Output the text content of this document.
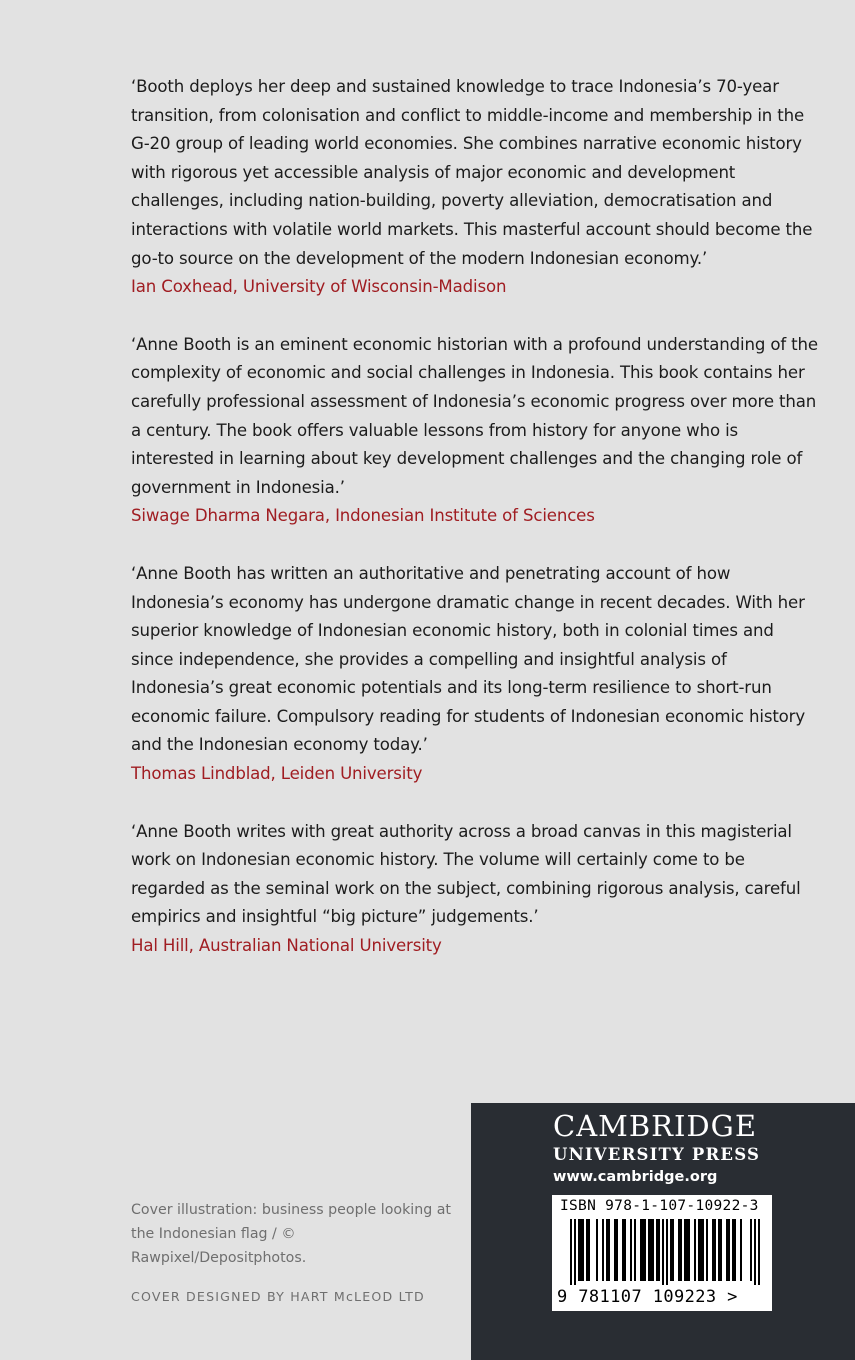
‘Booth deploys her deep and sustained knowledge to trace Indonesia’s 70-year transition, from colonisation and conflict to middle-income and membership in the G-20 group of leading world economies. She combines narrative economic history with rigorous yet accessible analysis of major economic and development challenges, including nation-building, poverty alleviation, democratisation and interactions with volatile world markets. This masterful account should become the go-to source on the development of the modern Indonesian economy.’

Ian Coxhead, University of Wisconsin-Madison

‘Anne Booth is an eminent economic historian with a profound understanding of the complexity of economic and social challenges in Indonesia. This book contains her carefully professional assessment of Indonesia’s economic progress over more than a century. The book offers valuable lessons from history for anyone who is interested in learning about key development challenges and the changing role of government in Indonesia.’

Siwage Dharma Negara, Indonesian Institute of Sciences

‘Anne Booth has written an authoritative and penetrating account of how Indonesia’s economy has undergone dramatic change in recent decades. With her superior knowledge of Indonesian economic history, both in colonial times and since independence, she provides a compelling and insightful analysis of Indonesia’s great economic potentials and its long-term resilience to short-run economic failure. Compulsory reading for students of Indonesian economic history and the Indonesian economy today.’

Thomas Lindblad, Leiden University

‘Anne Booth writes with great authority across a broad canvas in this magisterial work on Indonesian economic history. The volume will certainly come to be regarded as the seminal work on the subject, combining rigorous analysis, careful empirics and insightful “big picture” judgements.’

Hal Hill, Australian National University

Cover illustration: business people looking at the Indonesian flag / © Rawpixel/Depositphotos.
COVER DESIGNED BY HART McLEOD LTD
CAMBRIDGE
UNIVERSITY PRESS
www.cambridge.org
ISBN 978-1-107-10922-3
9 781107 109223 >
